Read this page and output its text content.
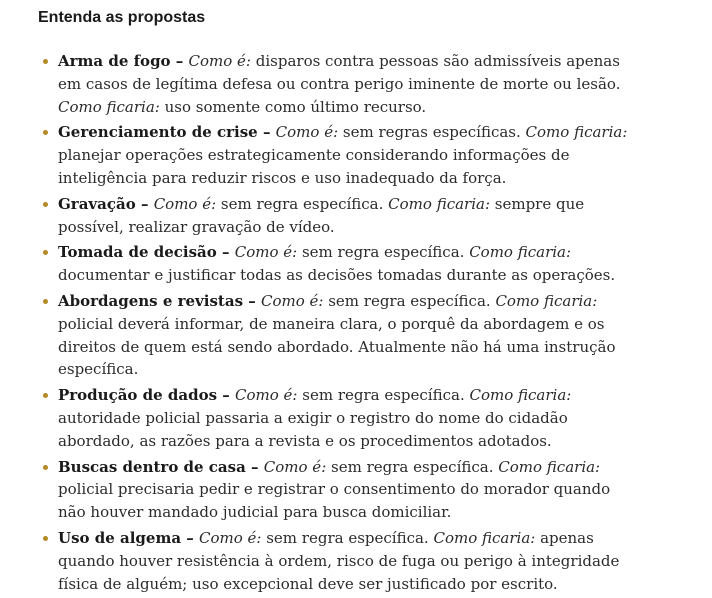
Entenda as propostas
Arma de fogo – Como é: disparos contra pessoas são admissíveis apenas em casos de legítima defesa ou contra perigo iminente de morte ou lesão. Como ficaria: uso somente como último recurso.
Gerenciamento de crise – Como é: sem regras específicas. Como ficaria: planejar operações estrategicamente considerando informações de inteligência para reduzir riscos e uso inadequado da força.
Gravação – Como é: sem regra específica. Como ficaria: sempre que possível, realizar gravação de vídeo.
Tomada de decisão – Como é: sem regra específica. Como ficaria: documentar e justificar todas as decisões tomadas durante as operações.
Abordagens e revistas – Como é: sem regra específica. Como ficaria: policial deverá informar, de maneira clara, o porquê da abordagem e os direitos de quem está sendo abordado. Atualmente não há uma instrução específica.
Produção de dados – Como é: sem regra específica. Como ficaria: autoridade policial passaria a exigir o registro do nome do cidadão abordado, as razões para a revista e os procedimentos adotados.
Buscas dentro de casa – Como é: sem regra específica. Como ficaria: policial precisaria pedir e registrar o consentimento do morador quando não houver mandado judicial para busca domiciliar.
Uso de algema – Como é: sem regra específica. Como ficaria: apenas quando houver resistência à ordem, risco de fuga ou perigo à integridade física de alguém; uso excepcional deve ser justificado por escrito.
